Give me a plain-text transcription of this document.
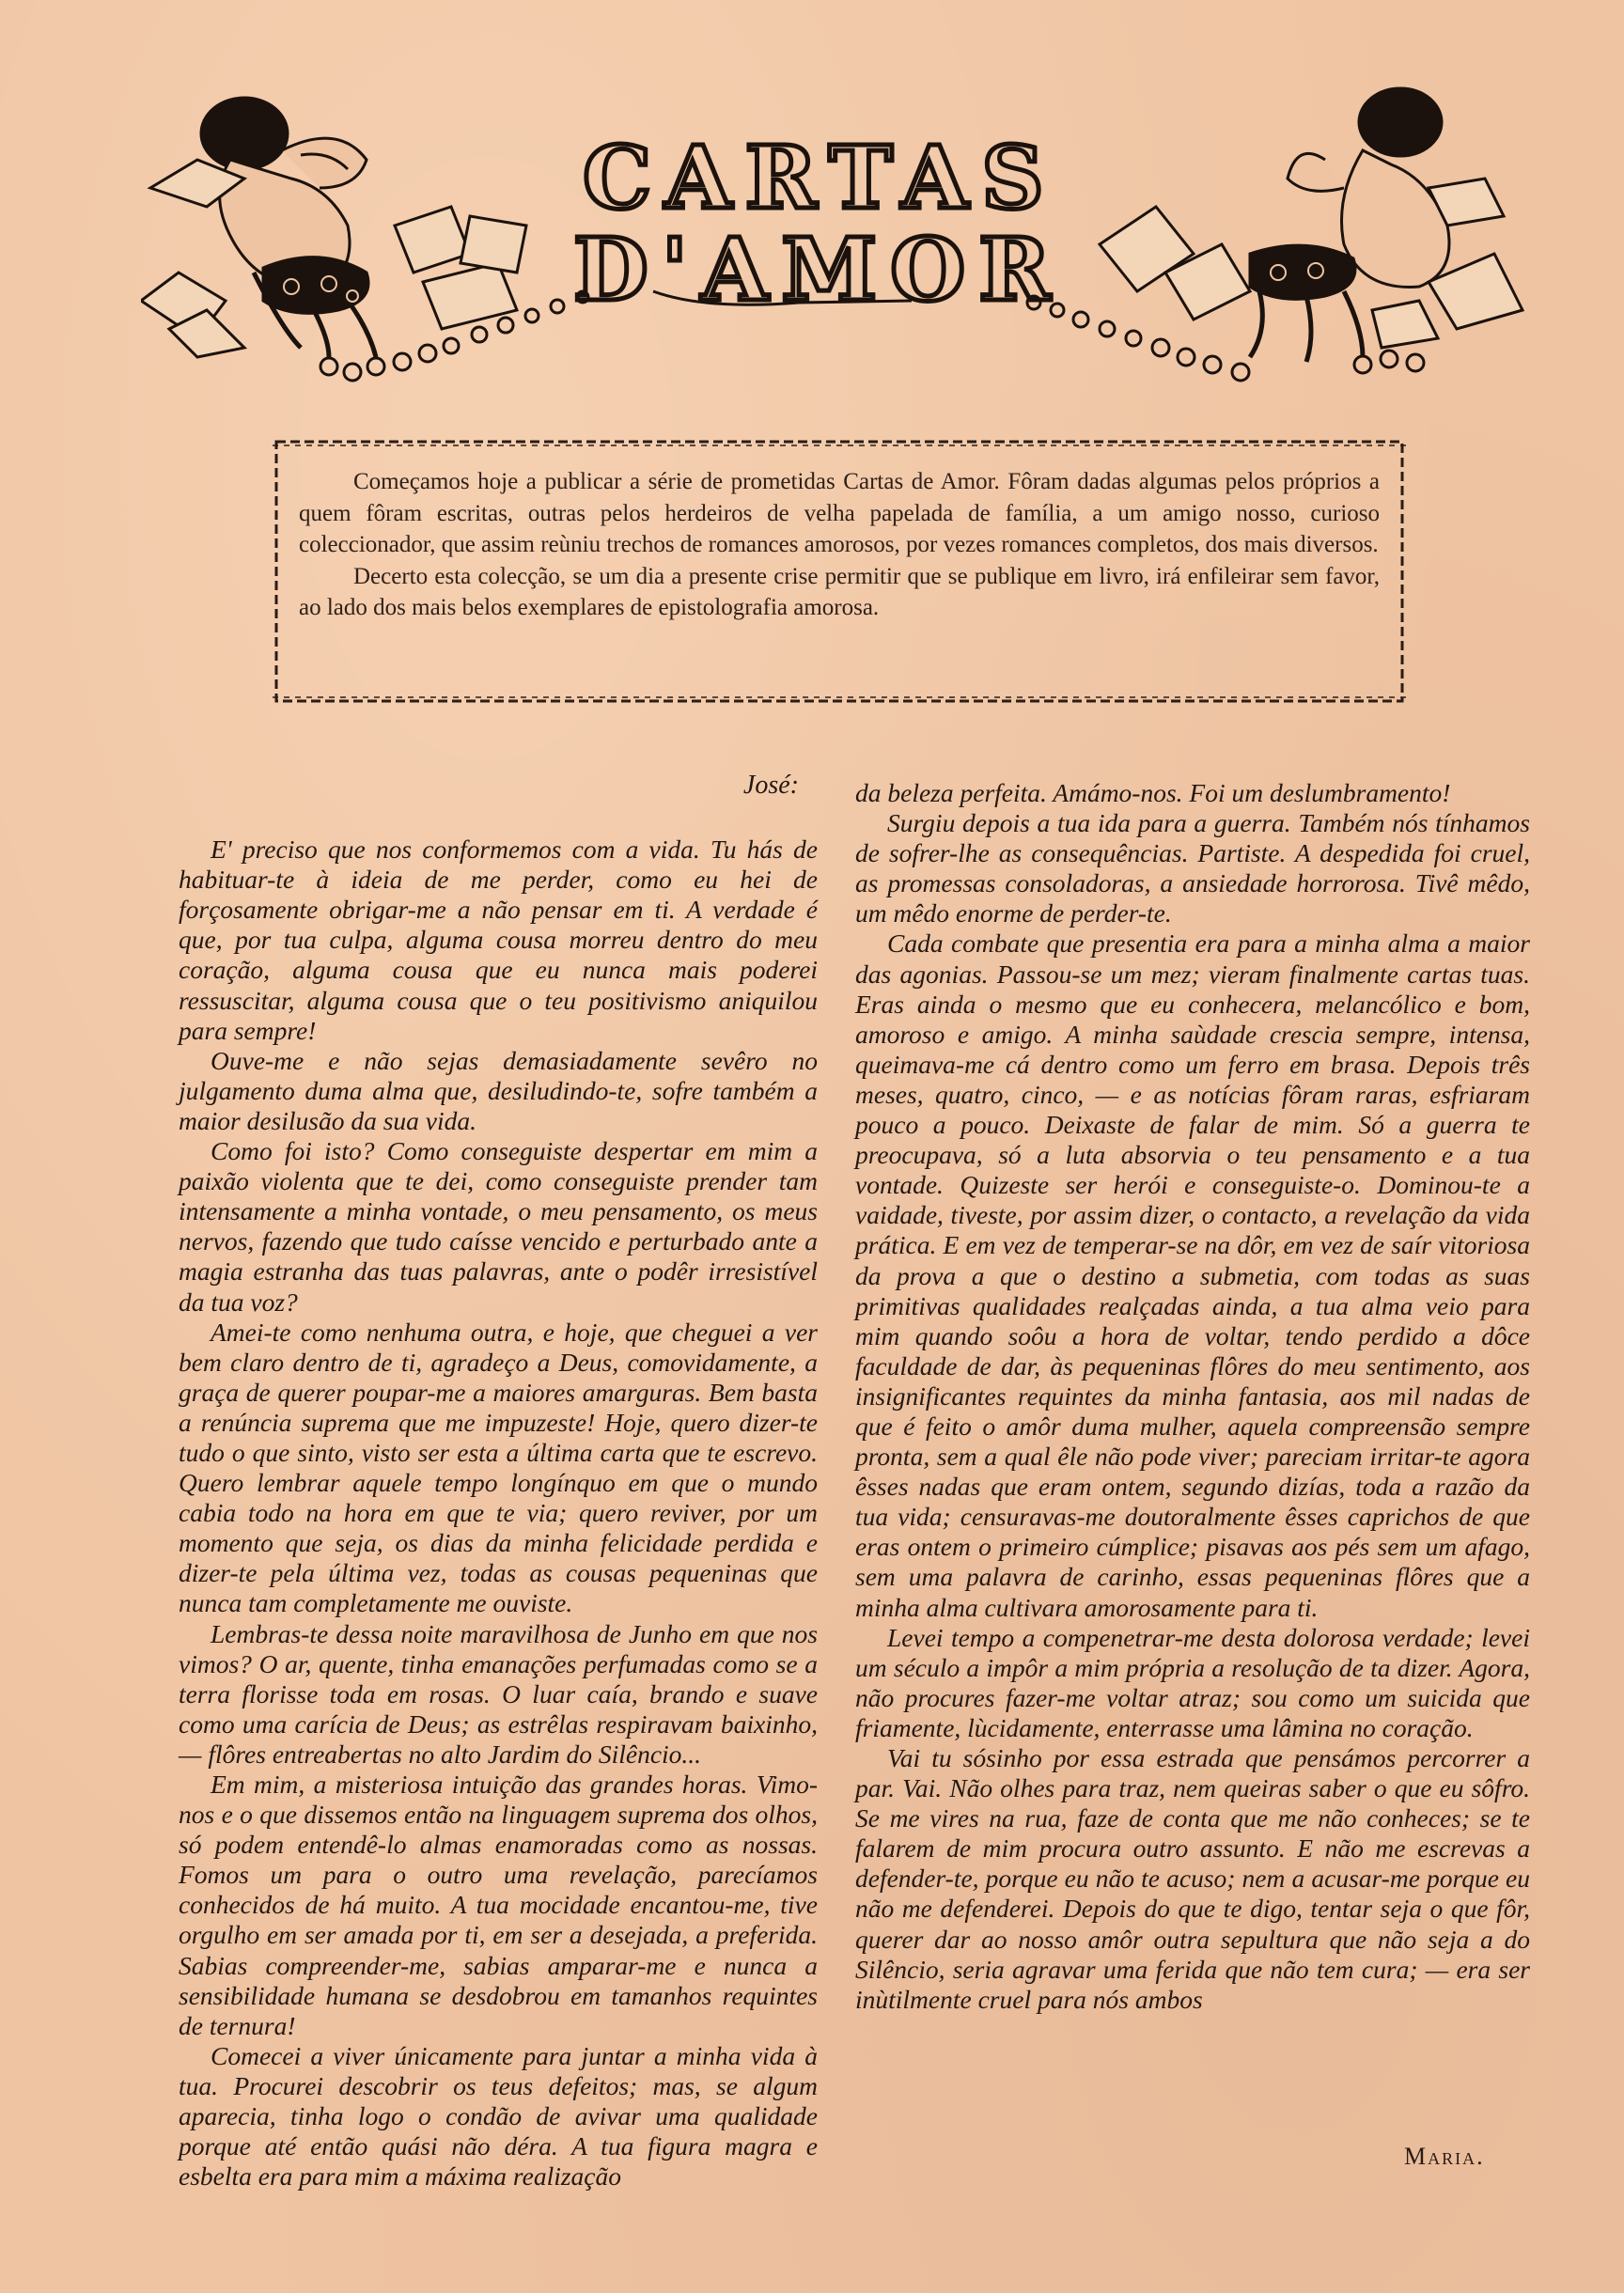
CARTAS
D'AMOR

Começamos hoje a publicar a série de prometidas Cartas de Amor. Fôram dadas algumas pelos próprios a quem fôram escritas, outras pelos herdeiros de velha papelada de família, a um amigo nosso, curioso coleccionador, que assim reùniu trechos de romances amorosos, por vezes romances completos, dos mais diversos.

Decerto esta colecção, se um dia a presente crise permitir que se publique em livro, irá enfileirar sem favor, ao lado dos mais belos exemplares de epistolografia amorosa.

José:

E' preciso que nos conformemos com a vida. Tu hás de habituar-te à ideia de me perder, como eu hei de forçosamente obrigar-me a não pensar em ti. A verdade é que, por tua culpa, alguma cousa morreu dentro do meu coração, alguma cousa que eu nunca mais poderei ressuscitar, alguma cousa que o teu positivismo aniquilou para sempre!

Ouve-me e não sejas demasiadamente sevêro no julgamento duma alma que, desiludindo-te, sofre também a maior desilusão da sua vida.

Como foi isto? Como conseguiste despertar em mim a paixão violenta que te dei, como conseguiste prender tam intensamente a minha vontade, o meu pensamento, os meus nervos, fazendo que tudo caísse vencido e perturbado ante a magia estranha das tuas palavras, ante o podêr irresistível da tua voz?

Amei-te como nenhuma outra, e hoje, que cheguei a ver bem claro dentro de ti, agradeço a Deus, comovidamente, a graça de querer poupar-me a maiores amarguras. Bem basta a renúncia suprema que me impuzeste! Hoje, quero dizer-te tudo o que sinto, visto ser esta a última carta que te escrevo. Quero lembrar aquele tempo longínquo em que o mundo cabia todo na hora em que te via; quero reviver, por um momento que seja, os dias da minha felicidade perdida e dizer-te pela última vez, todas as cousas pequeninas que nunca tam completamente me ouviste.

Lembras-te dessa noite maravilhosa de Junho em que nos vimos? O ar, quente, tinha emanações perfumadas como se a terra florisse toda em rosas. O luar caía, brando e suave como uma carícia de Deus; as estrêlas respiravam baixinho, — flôres entreabertas no alto Jardim do Silêncio...

Em mim, a misteriosa intuição das grandes horas. Vimo-nos e o que dissemos então na linguagem suprema dos olhos, só podem entendê-lo almas enamoradas como as nossas. Fomos um para o outro uma revelação, parecíamos conhecidos de há muito. A tua mocidade encantou-me, tive orgulho em ser amada por ti, em ser a desejada, a preferida. Sabias compreender-me, sabias amparar-me e nunca a sensibilidade humana se desdobrou em tamanhos requintes de ternura!

Comecei a viver únicamente para juntar a minha vida à tua. Procurei descobrir os teus defeitos; mas, se algum aparecia, tinha logo o condão de avivar uma qualidade porque até então quási não déra. A tua figura magra e esbelta era para mim a máxima realização

da beleza perfeita. Amámo-nos. Foi um deslumbramento!

Surgiu depois a tua ida para a guerra. Também nós tínhamos de sofrer-lhe as consequências. Partiste. A despedida foi cruel, as promessas consoladoras, a ansiedade horrorosa. Tivê mêdo, um mêdo enorme de perder-te.

Cada combate que presentia era para a minha alma a maior das agonias. Passou-se um mez; vieram finalmente cartas tuas. Eras ainda o mesmo que eu conhecera, melancólico e bom, amoroso e amigo. A minha saùdade crescia sempre, intensa, queimava-me cá dentro como um ferro em brasa. Depois três meses, quatro, cinco, — e as notícias fôram raras, esfriaram pouco a pouco. Deixaste de falar de mim. Só a guerra te preocupava, só a luta absorvia o teu pensamento e a tua vontade. Quizeste ser herói e conseguiste-o. Dominou-te a vaidade, tiveste, por assim dizer, o contacto, a revelação da vida prática. E em vez de temperar-se na dôr, em vez de saír vitoriosa da prova a que o destino a submetia, com todas as suas primitivas qualidades realçadas ainda, a tua alma veio para mim quando soôu a hora de voltar, tendo perdido a dôce faculdade de dar, às pequeninas flôres do meu sentimento, aos insignificantes requintes da minha fantasia, aos mil nadas de que é feito o amôr duma mulher, aquela compreensão sempre pronta, sem a qual êle não pode viver; pareciam irritar-te agora êsses nadas que eram ontem, segundo dizías, toda a razão da tua vida; censuravas-me doutoralmente êsses caprichos de que eras ontem o primeiro cúmplice; pisavas aos pés sem um afago, sem uma palavra de carinho, essas pequeninas flôres que a minha alma cultivara amorosamente para ti.

Levei tempo a compenetrar-me desta dolorosa verdade; levei um século a impôr a mim própria a resolução de ta dizer. Agora, não procures fazer-me voltar atraz; sou como um suicida que friamente, lùcidamente, enterrasse uma lâmina no coração.

Vai tu sósinho por essa estrada que pensámos percorrer a par. Vai. Não olhes para traz, nem queiras saber o que eu sôfro. Se me vires na rua, faze de conta que me não conheces; se te falarem de mim procura outro assunto. E não me escrevas a defender-te, porque eu não te acuso; nem a acusar-me porque eu não me defenderei. Depois do que te digo, tentar seja o que fôr, querer dar ao nosso amôr outra sepultura que não seja a do Silêncio, seria agravar uma ferida que não tem cura; — era ser inùtilmente cruel para nós ambos

Maria.
